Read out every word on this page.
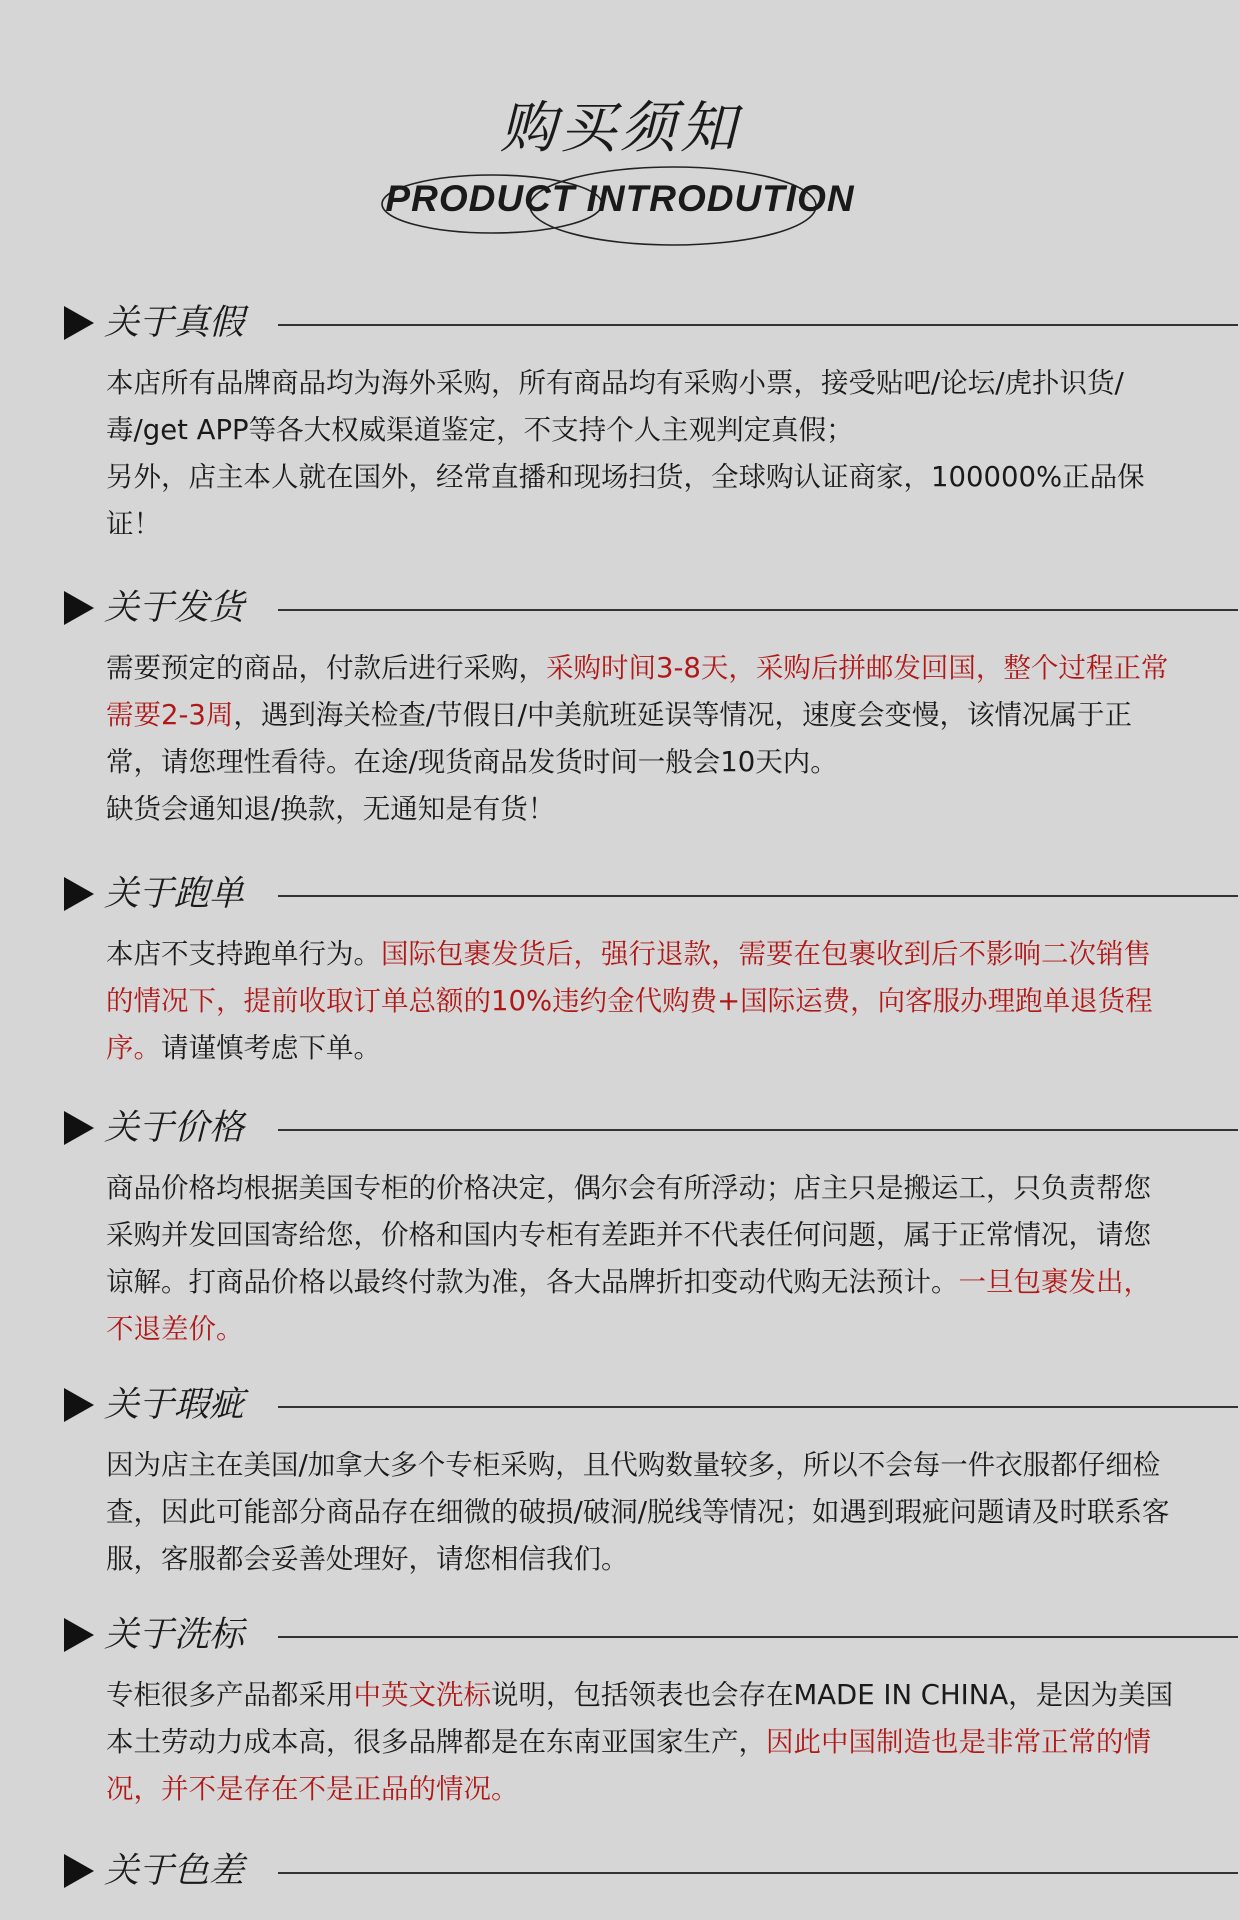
购买须知
PRODUCT INTRODUTION
关于真假
本店所有品牌商品均为海外采购，所有商品均有采购小票，接受贴吧/论坛/虎扑识货/毒/get APP等各大权威渠道鉴定，不支持个人主观判定真假；
另外，店主本人就在国外，经常直播和现场扫货，全球购认证商家，100000%正品保证！
关于发货
需要预定的商品，付款后进行采购，采购时间3-8天，采购后拼邮发回国，整个过程正常需要2-3周，遇到海关检查/节假日/中美航班延误等情况，速度会变慢，该情况属于正常，请您理性看待。在途/现货商品发货时间一般会10天内。
缺货会通知退/换款，无通知是有货！
关于跑单
本店不支持跑单行为。国际包裹发货后，强行退款，需要在包裹收到后不影响二次销售的情况下，提前收取订单总额的10%违约金代购费+国际运费，向客服办理跑单退货程序。请谨慎考虑下单。
关于价格
商品价格均根据美国专柜的价格决定，偶尔会有所浮动；店主只是搬运工，只负责帮您采购并发回国寄给您，价格和国内专柜有差距并不代表任何问题，属于正常情况，请您谅解。打商品价格以最终付款为准，各大品牌折扣变动代购无法预计。一旦包裹发出，不退差价。
关于瑕疵
因为店主在美国/加拿大多个专柜采购，且代购数量较多，所以不会每一件衣服都仔细检查，因此可能部分商品存在细微的破损/破洞/脱线等情况；如遇到瑕疵问题请及时联系客服，客服都会妥善处理好，请您相信我们。
关于洗标
专柜很多产品都采用中英文洗标说明，包括领表也会存在MADE IN CHINA，是因为美国本土劳动力成本高，很多品牌都是在东南亚国家生产，因此中国制造也是非常正常的情况，并不是存在不是正品的情况。
关于色差
